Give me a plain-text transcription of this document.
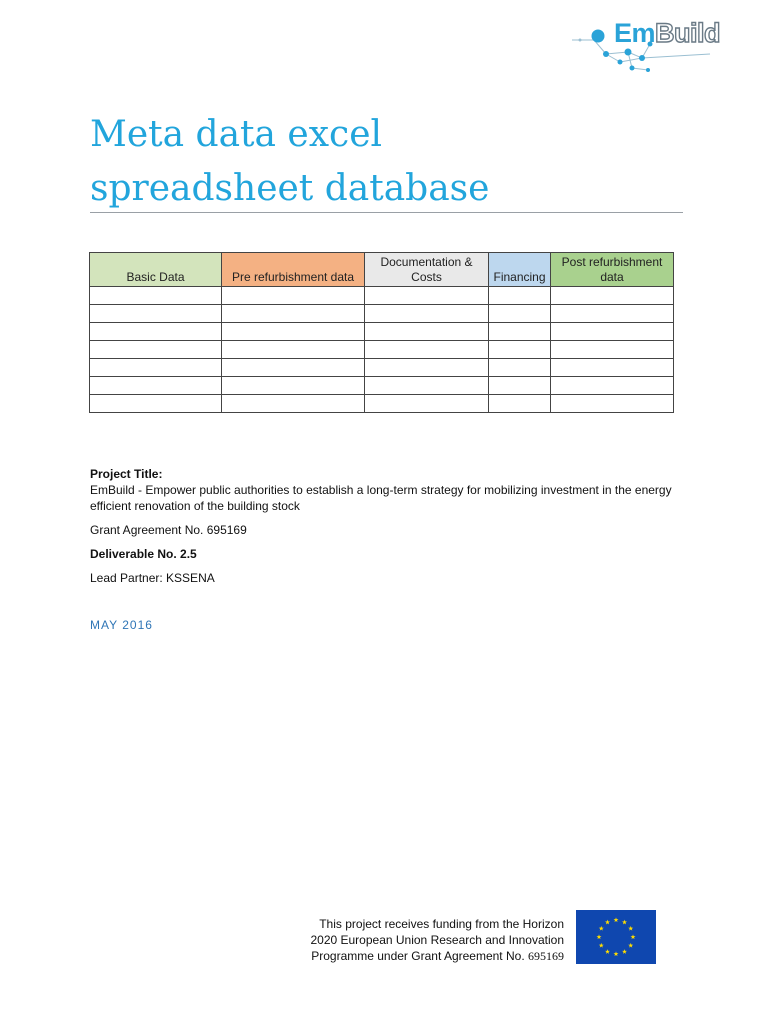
EmBuild
Meta data excel
spreadsheet database
Basic Data	Pre refurbishment data	Documentation & Costs	Financing	Post refurbishment data

Project Title:

EmBuild - Empower public authorities to establish a long-term strategy for mobilizing investment in the energy efficient renovation of the building stock

Grant Agreement No. 695169

Deliverable No. 2.5

Lead Partner: KSSENA

MAY 2016
This project receives funding from the Horizon
2020 European Union Research and Innovation
Programme under Grant Agreement No. 695169
